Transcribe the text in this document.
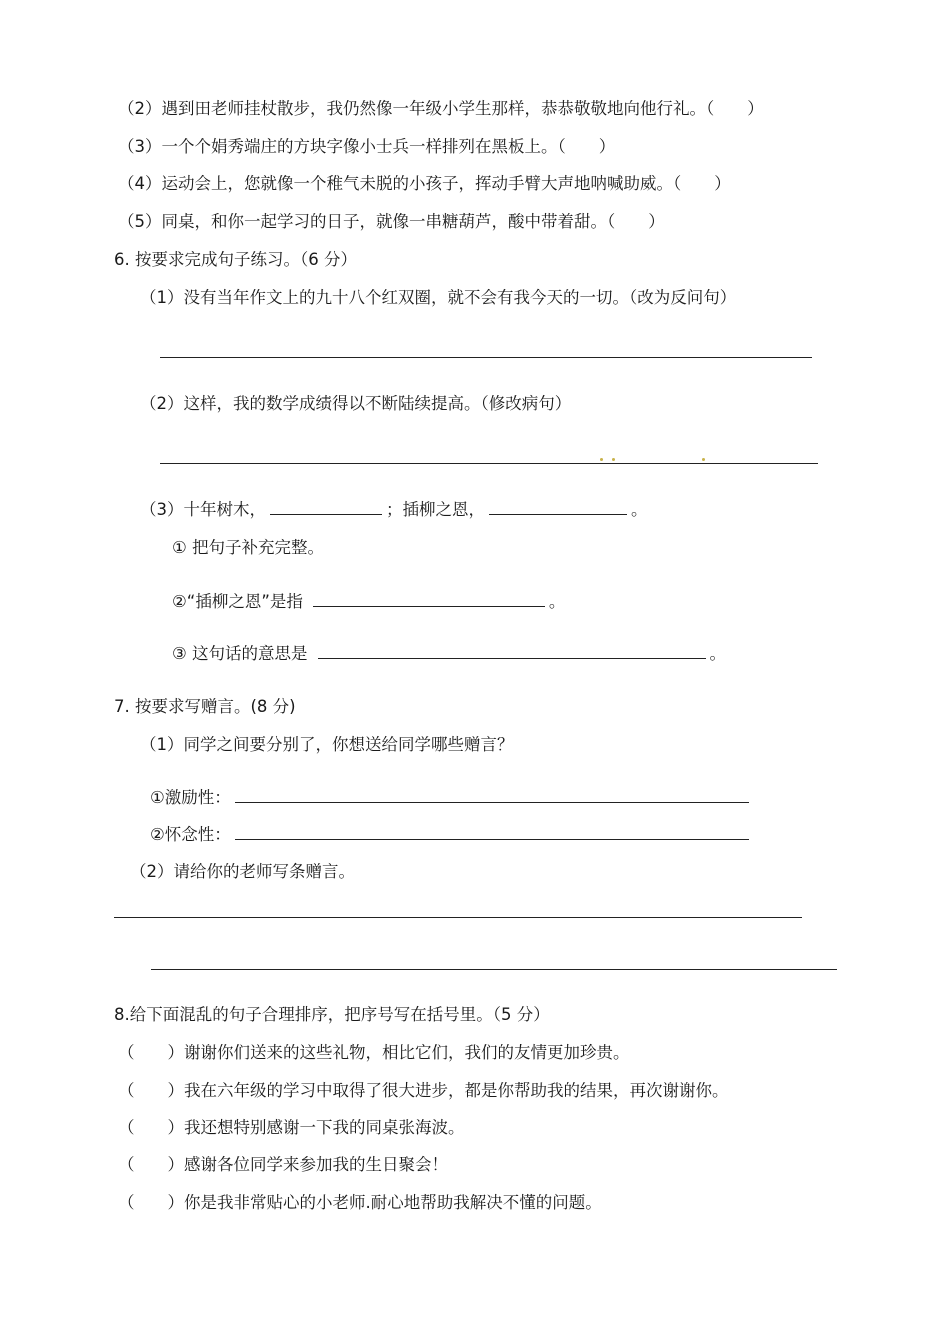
（2）遇到田老师挂杖散步，我仍然像一年级小学生那样，恭恭敬敬地向他行礼。（　　）
（3）一个个娟秀端庄的方块字像小士兵一样排列在黑板上。（　　）
（4）运动会上，您就像一个稚气未脱的小孩子，挥动手臂大声地呐喊助威。（　　）
（5）同桌，和你一起学习的日子，就像一串糖葫芦，酸中带着甜。（　　）
6. 按要求完成句子练习。（6 分）
（1）没有当年作文上的九十八个红双圈，就不会有我今天的一切。（改为反问句）
（2）这样，我的数学成绩得以不断陆续提高。（修改病句）
（3）十年树木，	；插柳之恩，	。
① 把句子补充完整。
②“插柳之恩”是指	。
③ 这句话的意思是	。
7. 按要求写赠言。(8 分)
（1）同学之间要分别了，你想送给同学哪些赠言？
①激励性：
②怀念性：
（2）请给你的老师写条赠言。
8.给下面混乱的句子合理排序，把序号写在括号里。（5 分）
（　　）谢谢你们送来的这些礼物，相比它们，我们的友情更加珍贵。
（　　）我在六年级的学习中取得了很大进步，都是你帮助我的结果，再次谢谢你。
（　　）我还想特别感谢一下我的同桌张海波。
（　　）感谢各位同学来参加我的生日聚会！
（　　）你是我非常贴心的小老师.耐心地帮助我解决不懂的问题。
